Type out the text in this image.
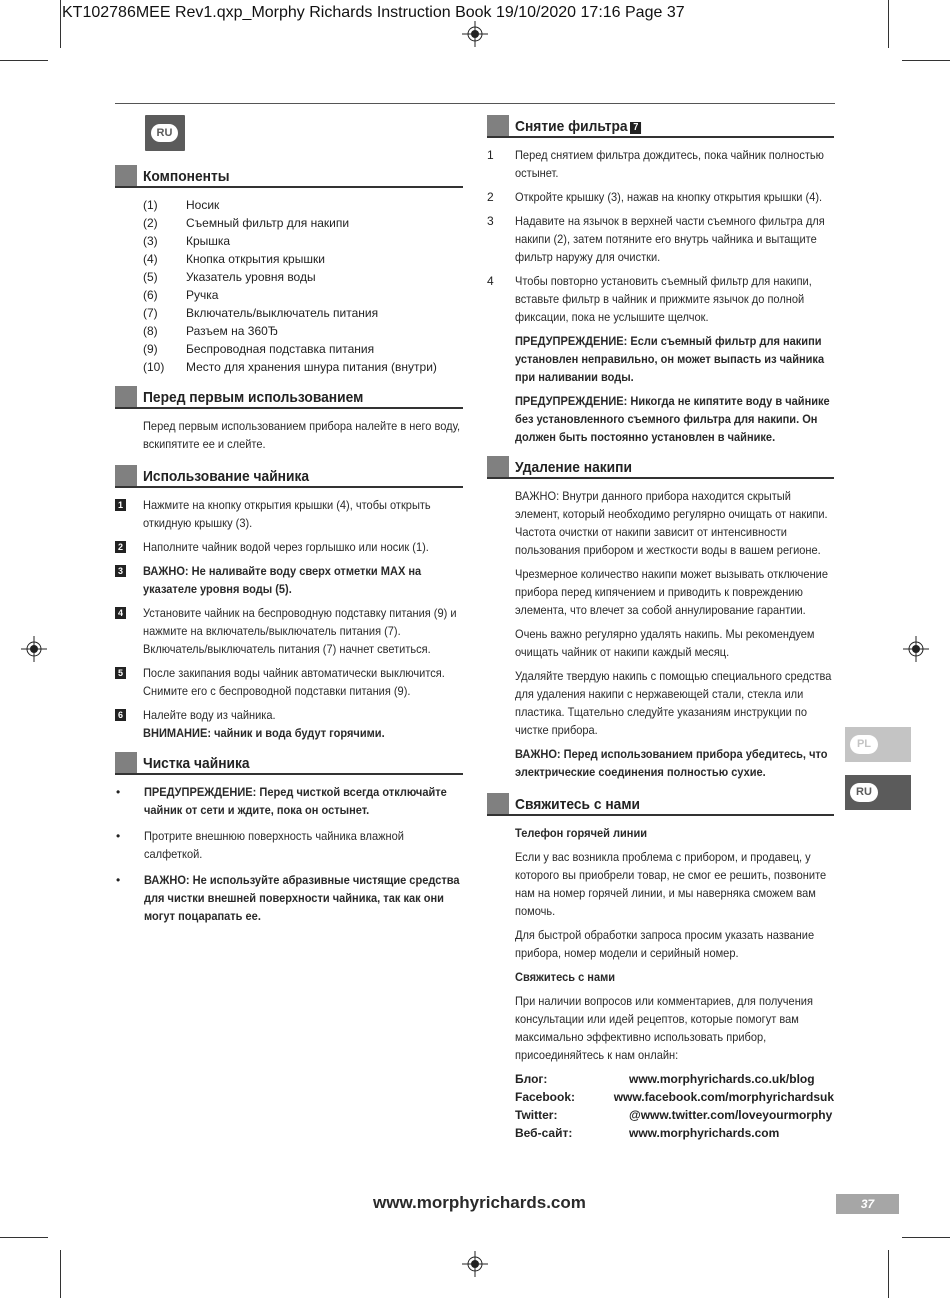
KT102786MEE Rev1.qxp_Morphy Richards Instruction Book 19/10/2020 17:16 Page 37
RU
Компоненты
(1)	Носик
(2)	Съемный фильтр для накипи
(3)	Крышка
(4)	Кнопка открытия крышки
(5)	Указатель уровня воды
(6)	Ручка
(7)	Включатель/выключатель питания
(8)	Разъем на 360Ђ
(9)	Беспроводная подставка питания
(10)	Место для хранения шнура питания (внутри)
Перед первым использованием
Перед первым использованием прибора налейте в него воду, вскипятите ее и слейте.
Использование чайника
1 Нажмите на кнопку открытия крышки (4), чтобы открыть откидную крышку (3).
2 Наполните чайник водой через горлышко или носик (1).
3 ВАЖНО: Не наливайте воду сверх отметки MAX на указателе уровня воды (5).
4 Установите чайник на беспроводную подставку питания (9) и нажмите на включатель/выключатель питания (7). Включатель/выключатель питания (7) начнет светиться.
5 После закипания воды чайник автоматически выключится. Снимите его с беспроводной подставки питания (9).
6 Налейте воду из чайника.
ВНИМАНИЕ: чайник и вода будут горячими.
Чистка чайника
•	ПРЕДУПРЕЖДЕНИЕ: Перед чисткой всегда отключайте чайник от сети и ждите, пока он остынет.
•	Протрите внешнюю поверхность чайника влажной салфеткой.
•	ВАЖНО: Не используйте абразивные чистящие средства для чистки внешней поверхности чайника, так как они могут поцарапать ее.
Снятие фильтра 7
1	Перед снятием фильтра дождитесь, пока чайник полностью остынет.
2	Откройте крышку (3), нажав на кнопку открытия крышки (4).
3	Надавите на язычок в верхней части съемного фильтра для накипи (2), затем потяните его внутрь чайника и вытащите фильтр наружу для очистки.
4	Чтобы повторно установить съемный фильтр для накипи, вставьте фильтр в чайник и прижмите язычок до полной фиксации, пока не услышите щелчок.
ПРЕДУПРЕЖДЕНИЕ: Если съемный фильтр для накипи установлен неправильно, он может выпасть из чайника при наливании воды.
ПРЕДУПРЕЖДЕНИЕ: Никогда не кипятите воду в чайнике без установленного съемного фильтра для накипи. Он должен быть постоянно установлен в чайнике.
Удаление накипи
ВАЖНО: Внутри данного прибора находится скрытый элемент, который необходимо регулярно очищать от накипи. Частота очистки от накипи зависит от интенсивности пользования прибором и жесткости воды в вашем регионе.
Чрезмерное количество накипи может вызывать отключение прибора перед кипячением и приводить к повреждению элемента, что влечет за собой аннулирование гарантии.
Очень важно регулярно удалять накипь. Мы рекомендуем очищать чайник от накипи каждый месяц.
Удаляйте твердую накипь с помощью специального средства для удаления накипи с нержавеющей стали, стекла или пластика. Тщательно следуйте указаниям инструкции по чистке прибора.
ВАЖНО: Перед использованием прибора убедитесь, что электрические соединения полностью сухие.
Свяжитесь с нами
Телефон горячей линии
Если у вас возникла проблема с прибором, и продавец, у которого вы приобрели товар, не смог ее решить, позвоните нам на номер горячей линии, и мы наверняка сможем вам помочь.
Для быстрой обработки запроса просим указать название прибора, номер модели и серийный номер.
Свяжитесь с нами
При наличии вопросов или комментариев, для получения консультации или идей рецептов, которые помогут вам максимально эффективно использовать прибор, присоединяйтесь к нам онлайн:
Блог:	www.morphyrichards.co.uk/blog
Facebook:	www.facebook.com/morphyrichardsuk
Twitter:	@www.twitter.com/loveyourmorphy
Веб-сайт:	www.morphyrichards.com
PL
RU
www.morphyrichards.com	37
